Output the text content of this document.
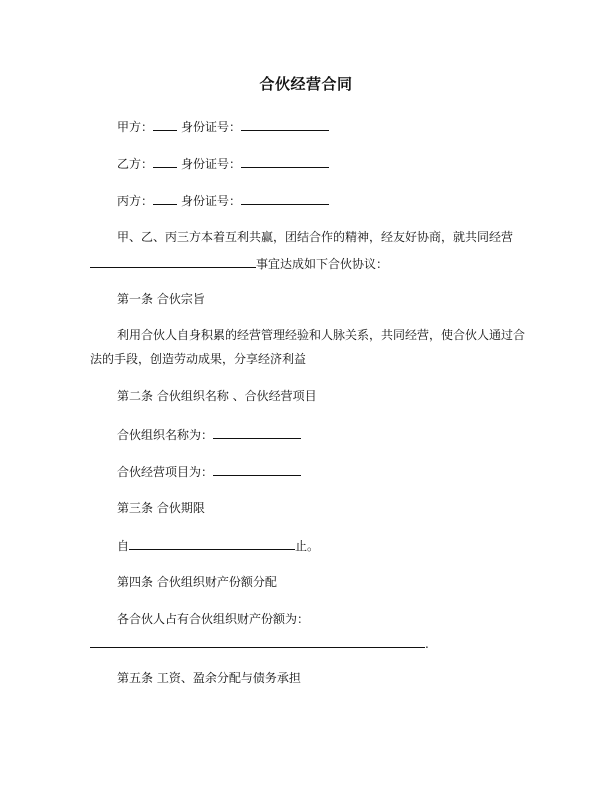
合伙经营合同
甲方： 身份证号：
乙方： 身份证号：
丙方： 身份证号：
甲、乙、丙三方本着互利共赢，团结合作的精神，经友好协商，就共同经营
事宜达成如下合伙协议：
第一条 合伙宗旨
利用合伙人自身积累的经营管理经验和人脉关系，共同经营，使合伙人通过合
法的手段，创造劳动成果，分享经济利益
第二条 合伙组织名称 、合伙经营项目
合伙组织名称为：
合伙经营项目为：
第三条 合伙期限
自	止。
第四条 合伙组织财产份额分配
各合伙人占有合伙组织财产份额为：
.
第五条 工资、盈余分配与债务承担
